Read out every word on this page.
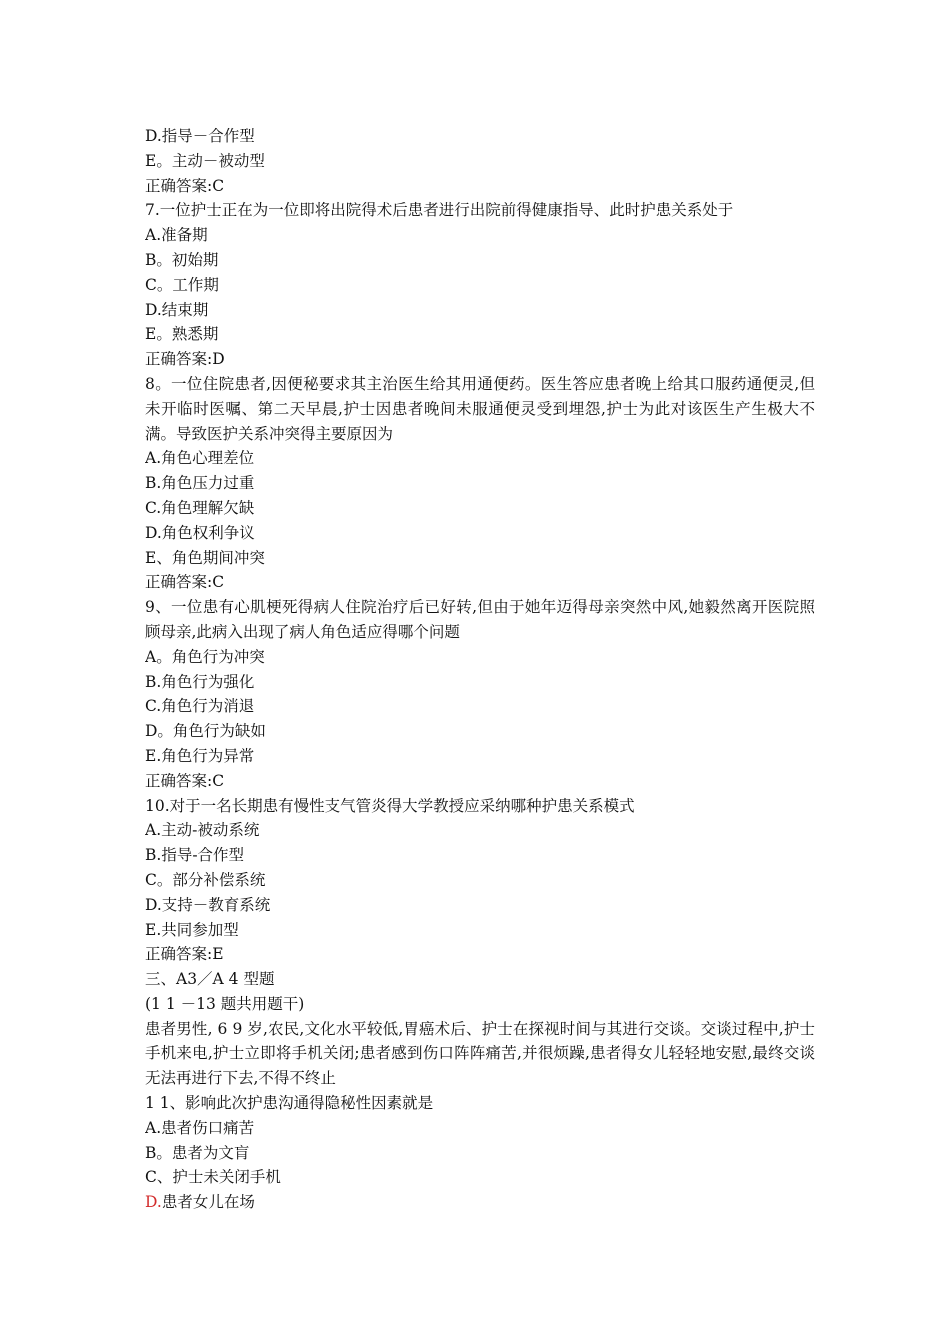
D.指导－合作型
E。主动－被动型
正确答案:C
7.一位护士正在为一位即将出院得术后患者进行出院前得健康指导、此时护患关系处于
A.准备期
B。初始期
C。工作期
D.结束期
E。熟悉期
正确答案:D
8。一位住院患者,因便秘要求其主治医生给其用通便药。医生答应患者晚上给其口服药通便灵,但未开临时医嘱、第二天早晨,护士因患者晚间未服通便灵受到埋怨,护士为此对该医生产生极大不满。导致医护关系冲突得主要原因为
A.角色心理差位
B.角色压力过重
C.角色理解欠缺
D.角色权利争议
E、角色期间冲突
正确答案:C
9、一位患有心肌梗死得病人住院治疗后已好转,但由于她年迈得母亲突然中风,她毅然离开医院照顾母亲,此病入出现了病人角色适应得哪个问题
A。角色行为冲突
B.角色行为强化
C.角色行为消退
D。角色行为缺如
E.角色行为异常
正确答案:C
10.对于一名长期患有慢性支气管炎得大学教授应采纳哪种护患关系模式
A.主动-被动系统
B.指导-合作型
C。部分补偿系统
D.支持－教育系统
E.共同参加型
正确答案:E
三、A3／A 4 型题
(1 1 －13 题共用题干)
患者男性, 6 9 岁,农民,文化水平较低,胃癌术后、护士在探视时间与其进行交谈。交谈过程中,护士手机来电,护士立即将手机关闭;患者感到伤口阵阵痛苦,并很烦躁,患者得女儿轻轻地安慰,最终交谈无法再进行下去,不得不终止
1 1、影响此次护患沟通得隐秘性因素就是
A.患者伤口痛苦
B。患者为文肓
C、护士未关闭手机
D.患者女儿在场
